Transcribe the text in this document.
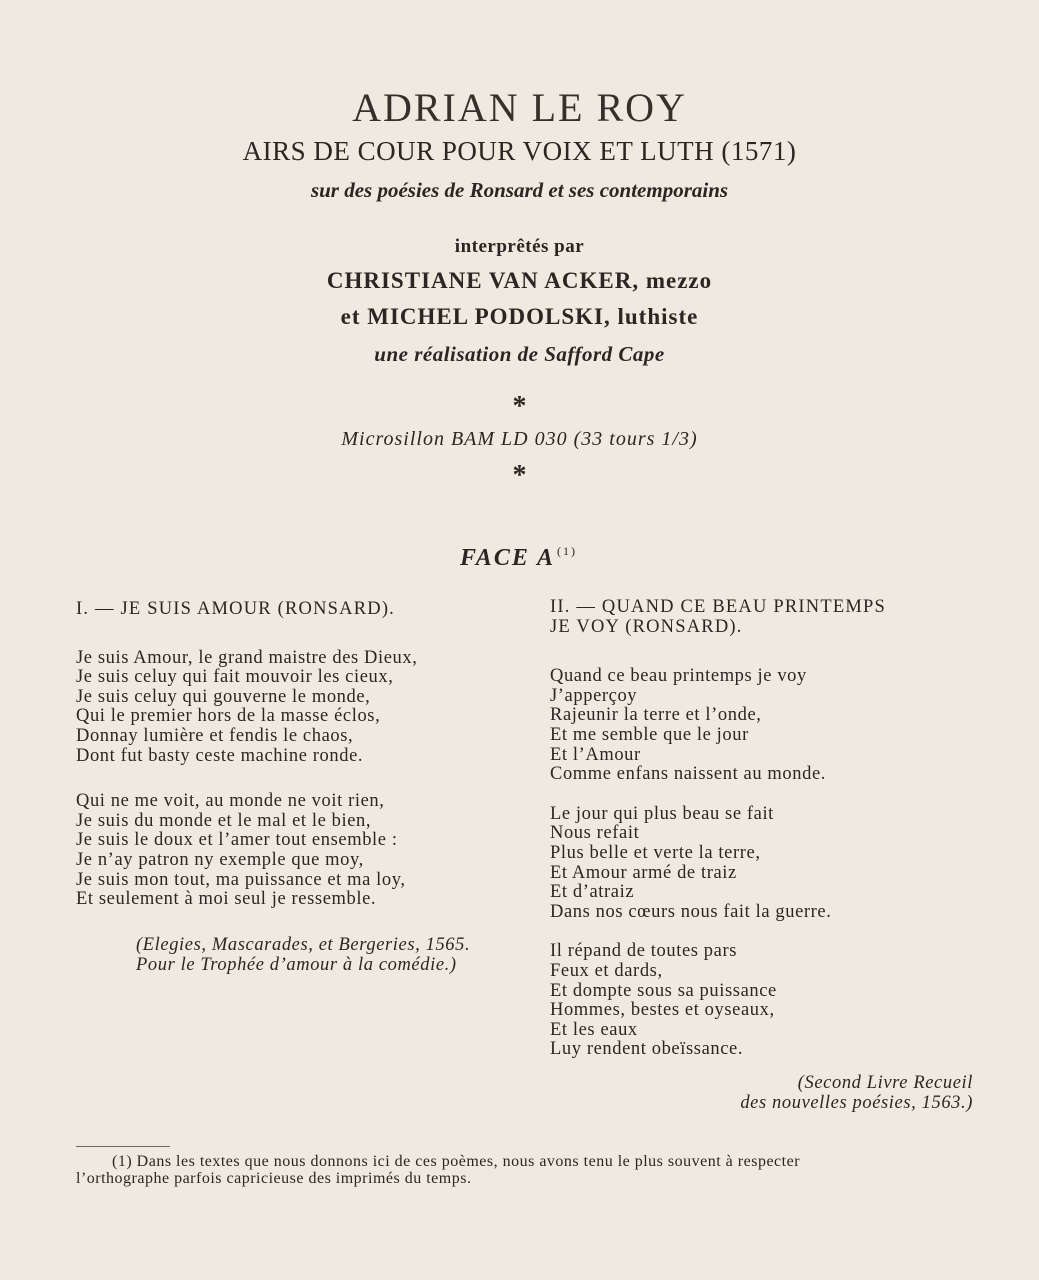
ADRIAN LE ROY
AIRS DE COUR POUR VOIX ET LUTH (1571)
sur des poésies de Ronsard et ses contemporains
interprêtés par
CHRISTIANE VAN ACKER, mezzo
et MICHEL PODOLSKI, luthiste
une réalisation de Safford Cape
*
Microsillon BAM LD 030 (33 tours 1/3)
*
FACE A $^{(1)}$
I. — JE SUIS AMOUR (RONSARD).
Je suis Amour, le grand maistre des Dieux,
Je suis celuy qui fait mouvoir les cieux,
Je suis celuy qui gouverne le monde,
Qui le premier hors de la masse éclos,
Donnay lumière et fendis le chaos,
Dont fut basty ceste machine ronde.
Qui ne me voit, au monde ne voit rien,
Je suis du monde et le mal et le bien,
Je suis le doux et l’amer tout ensemble :
Je n’ay patron ny exemple que moy,
Je suis mon tout, ma puissance et ma loy,
Et seulement à moi seul je ressemble.
(Elegies, Mascarades, et Bergeries, 1565.
Pour le Trophée d’amour à la comédie.)
II. — QUAND CE BEAU PRINTEMPS
JE VOY (RONSARD).
Quand ce beau printemps je voy
J’apperçoy
Rajeunir la terre et l’onde,
Et me semble que le jour
Et l’Amour
Comme enfans naissent au monde.
Le jour qui plus beau se fait
Nous refait
Plus belle et verte la terre,
Et Amour armé de traiz
Et d’atraiz
Dans nos cœurs nous fait la guerre.
Il répand de toutes pars
Feux et dards,
Et dompte sous sa puissance
Hommes, bestes et oyseaux,
Et les eaux
Luy rendent obeïssance.
(Second Livre Recueil
des nouvelles poésies, 1563.)
(1) Dans les textes que nous donnons ici de ces poèmes, nous avons tenu le plus souvent à respecter
l’orthographe parfois capricieuse des imprimés du temps.
